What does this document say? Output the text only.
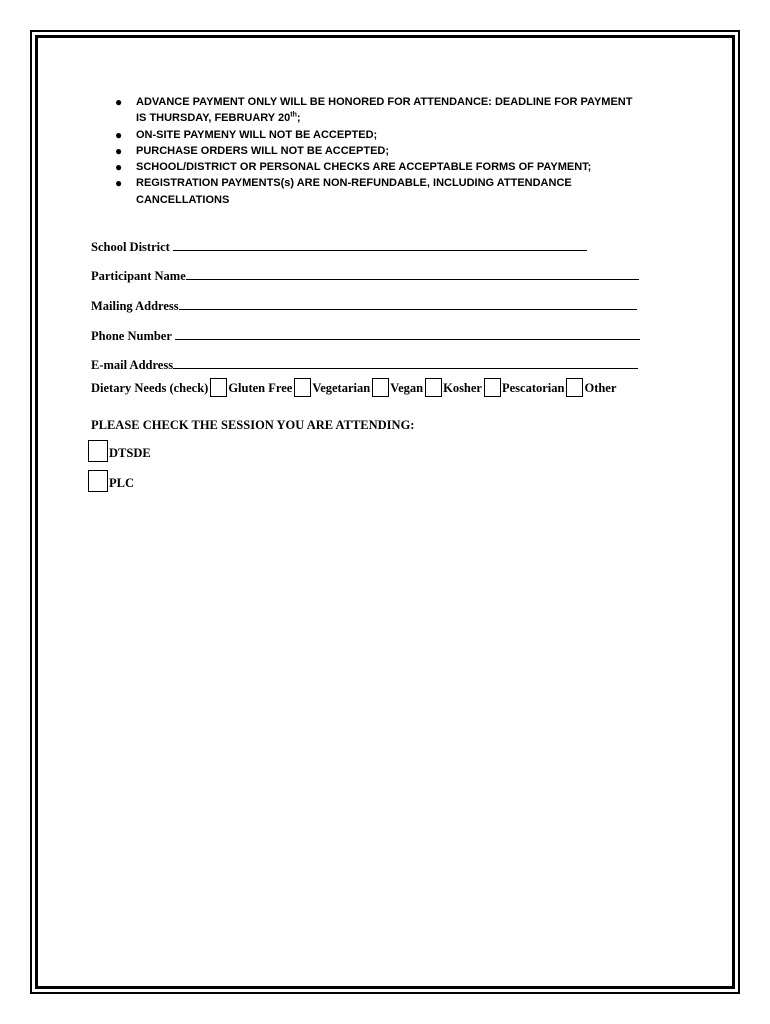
● ADVANCE PAYMENT ONLY WILL BE HONORED FOR ATTENDANCE: DEADLINE FOR PAYMENT
IS THURSDAY, FEBRUARY 20th;
● ON-SITE PAYMENY WILL NOT BE ACCEPTED;
● PURCHASE ORDERS WILL NOT BE ACCEPTED;
● SCHOOL/DISTRICT OR PERSONAL CHECKS ARE ACCEPTABLE FORMS OF PAYMENT;
● REGISTRATION PAYMENTS(s) ARE NON-REFUNDABLE, INCLUDING ATTENDANCE
CANCELLATIONS
School District
Participant Name
Mailing Address
Phone Number
E-mail Address
Dietary Needs (check) Gluten Free Vegetarian Vegan Kosher Pescatorian Other
PLEASE CHECK THE SESSION YOU ARE ATTENDING:
DTSDE
PLC
